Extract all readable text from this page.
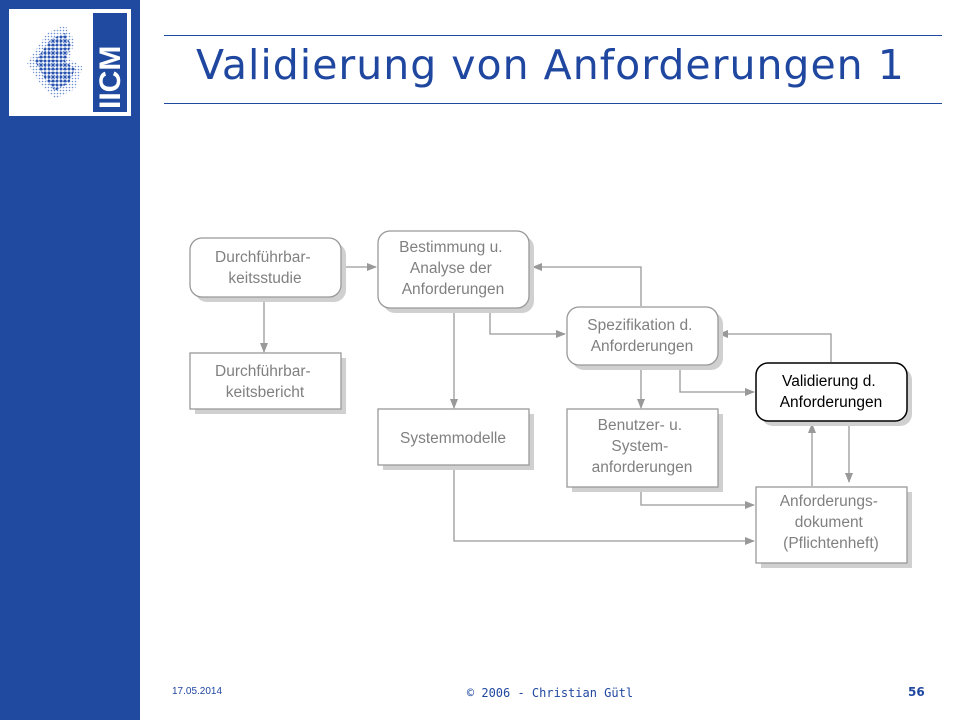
IICM Validierung von Anforderungen 1
Durchführbar- keitsstudie
Durchführbar- keitsbericht
Bestimmung u. Analyse der Anforderungen
Systemmodelle
Spezifikation d. Anforderungen
Benutzer- u. System- anforderungen
Validierung d. Anforderungen
Anforderungs- dokument (Pflichtenheft)
17.05.2014	© 2006 - Christian Gütl	56
